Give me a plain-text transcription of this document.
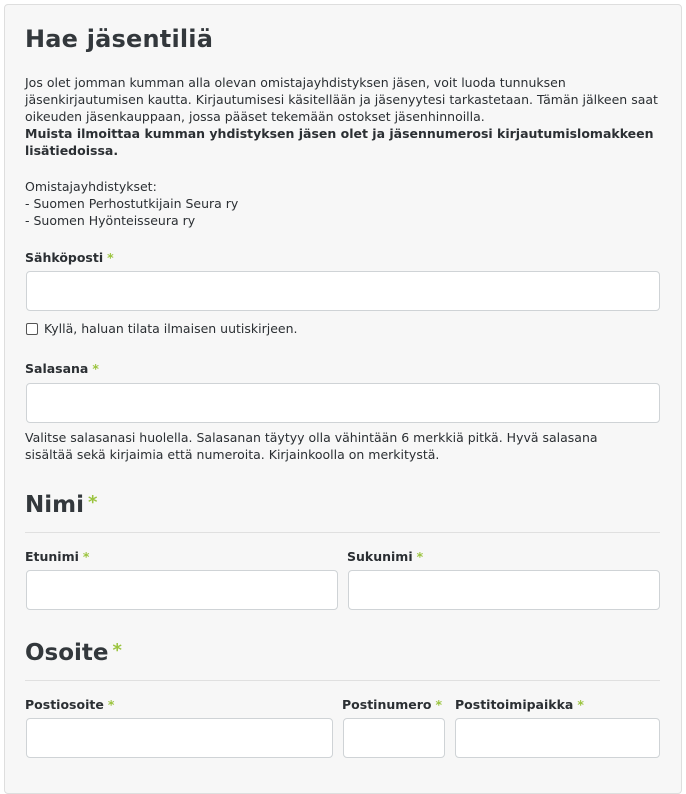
Hae jäsentiliä

Jos olet jomman kumman alla olevan omistajayhdistyksen jäsen, voit luoda tunnuksen jäsenkirjautumisen kautta. Kirjautumisesi käsitellään ja jäsenyytesi tarkastetaan. Tämän jälkeen saat oikeuden jäsenkauppaan, jossa pääset tekemään ostokset jäsenhinnoilla.

Muista ilmoittaa kumman yhdistyksen jäsen olet ja jäsennumerosi kirjautumislomakkeen lisätiedoissa.

Omistajayhdistykset:
- Suomen Perhostutkijain Seura ry
- Suomen Hyönteisseura ry
Sähköposti *
Kyllä, haluan tilata ilmaisen uutiskirjeen.
Salasana *
Valitse salasanasi huolella. Salasanan täytyy olla vähintään 6 merkkiä pitkä. Hyvä salasana sisältää sekä kirjaimia että numeroita. Kirjainkoolla on merkitystä.
Nimi *
Etunimi *	Sukunimi *
Osoite *
Postiosoite *	Postinumero * Postitoimipaikka *
